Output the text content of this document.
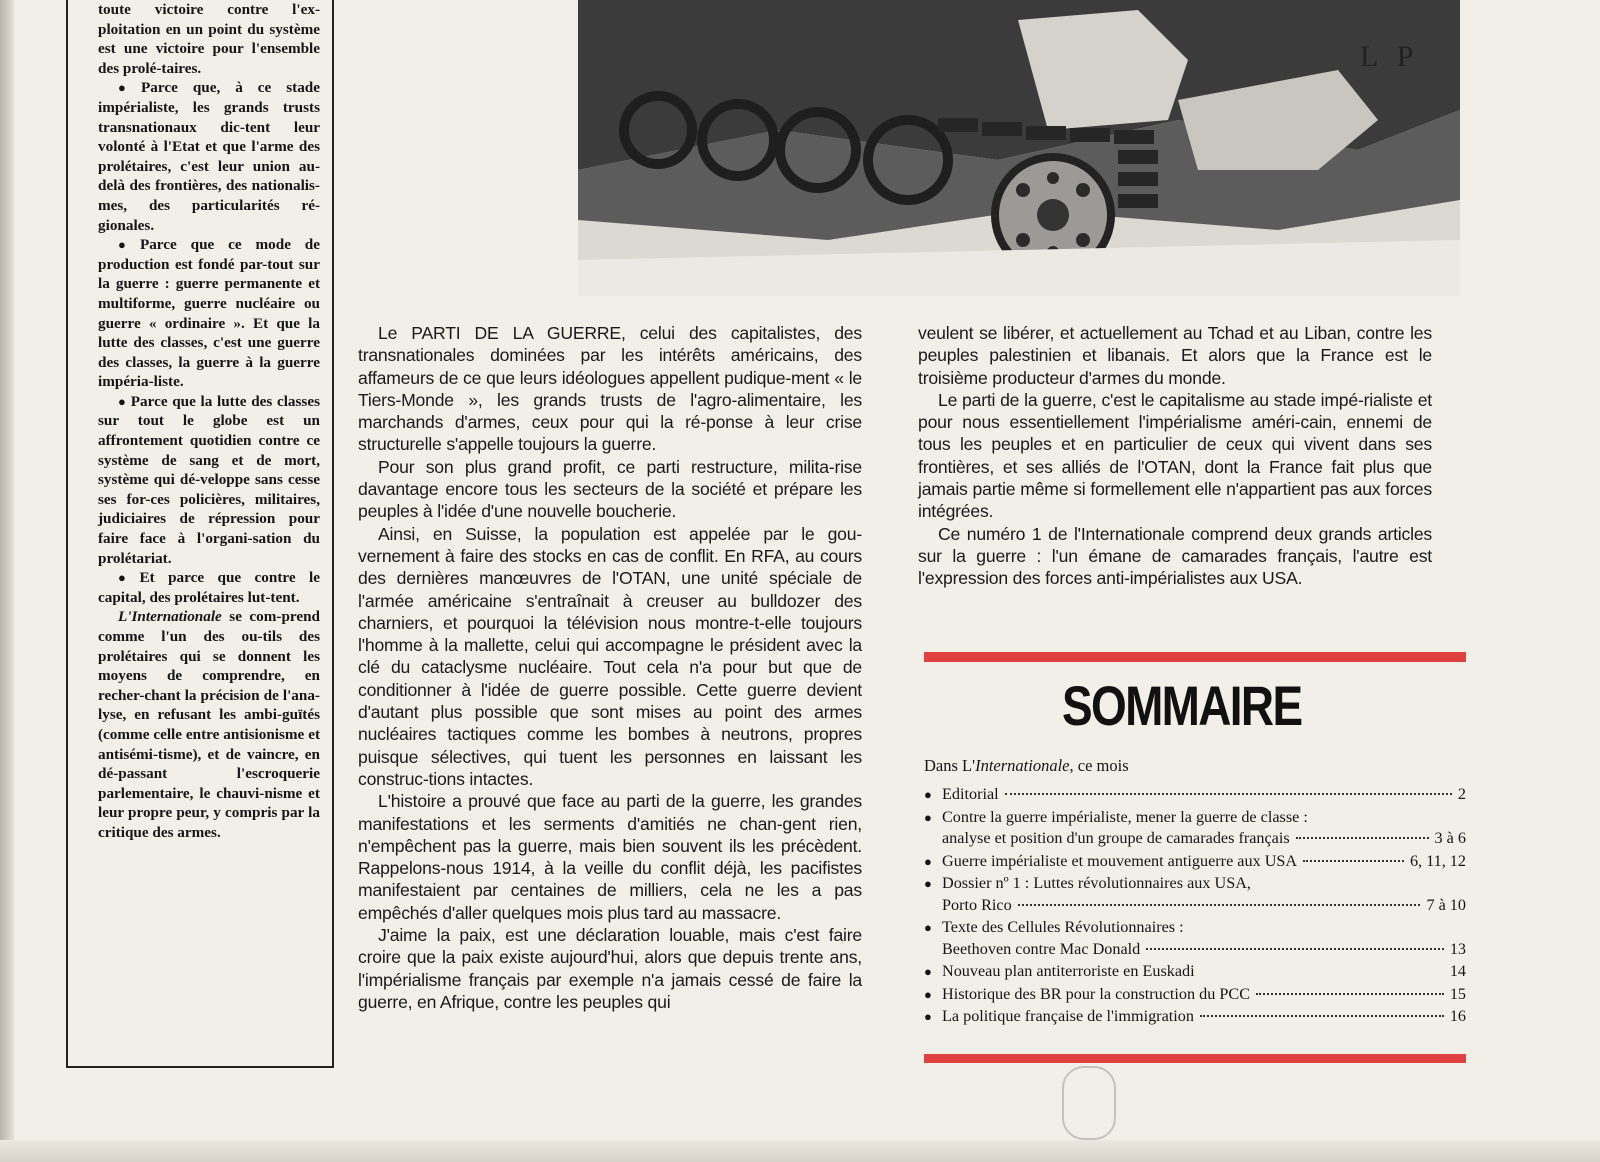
toute victoire contre l'ex-ploitation en un point du système est une victoire pour l'ensemble des prolé-taires.

● Parce que, à ce stade impérialiste, les grands trusts transnationaux dic-tent leur volonté à l'Etat et que l'arme des prolétaires, c'est leur union au-delà des frontières, des nationalis-mes, des particularités ré-gionales.

● Parce que ce mode de production est fondé par-tout sur la guerre : guerre permanente et multiforme, guerre nucléaire ou guerre « ordinaire ». Et que la lutte des classes, c'est une guerre des classes, la guerre à la guerre impéria-liste.

● Parce que la lutte des classes sur tout le globe est un affrontement quotidien contre ce système de sang et de mort, système qui dé-veloppe sans cesse ses for-ces policières, militaires, judiciaires de répression pour faire face à l'organi-sation du prolétariat.

● Et parce que contre le capital, des prolétaires lut-tent.

L'Internationale se com-prend comme l'un des ou-tils des prolétaires qui se donnent les moyens de comprendre, en recher-chant la précision de l'ana-lyse, en refusant les ambi-guïtés (comme celle entre antisionisme et antisémi-tisme), et de vaincre, en dé-passant l'escroquerie parlementaire, le chauvi-nisme et leur propre peur, y compris par la critique des armes.

L P

Le PARTI DE LA GUERRE, celui des capitalistes, des transnationales dominées par les intérêts américains, des affameurs de ce que leurs idéologues appellent pudique-ment « le Tiers-Monde », les grands trusts de l'agro-alimentaire, les marchands d'armes, ceux pour qui la ré-ponse à leur crise structurelle s'appelle toujours la guerre.

Pour son plus grand profit, ce parti restructure, milita-rise davantage encore tous les secteurs de la société et prépare les peuples à l'idée d'une nouvelle boucherie.

Ainsi, en Suisse, la population est appelée par le gou-vernement à faire des stocks en cas de conflit. En RFA, au cours des dernières manœuvres de l'OTAN, une unité spéciale de l'armée américaine s'entraînait à creuser au bulldozer des charniers, et pourquoi la télévision nous montre-t-elle toujours l'homme à la mallette, celui qui accompagne le président avec la clé du cataclysme nucléaire. Tout cela n'a pour but que de conditionner à l'idée de guerre possible. Cette guerre devient d'autant plus possible que sont mises au point des armes nucléaires tactiques comme les bombes à neutrons, propres puisque sélectives, qui tuent les personnes en laissant les construc-tions intactes.

L'histoire a prouvé que face au parti de la guerre, les grandes manifestations et les serments d'amitiés ne chan-gent rien, n'empêchent pas la guerre, mais bien souvent ils les précèdent. Rappelons-nous 1914, à la veille du conflit déjà, les pacifistes manifestaient par centaines de milliers, cela ne les a pas empêchés d'aller quelques mois plus tard au massacre.

J'aime la paix, est une déclaration louable, mais c'est faire croire que la paix existe aujourd'hui, alors que depuis trente ans, l'impérialisme français par exemple n'a jamais cessé de faire la guerre, en Afrique, contre les peuples qui

veulent se libérer, et actuellement au Tchad et au Liban, contre les peuples palestinien et libanais. Et alors que la France est le troisième producteur d'armes du monde.

Le parti de la guerre, c'est le capitalisme au stade impé-rialiste et pour nous essentiellement l'impérialisme améri-cain, ennemi de tous les peuples et en particulier de ceux qui vivent dans ses frontières, et ses alliés de l'OTAN, dont la France fait plus que jamais partie même si formellement elle n'appartient pas aux forces intégrées.

Ce numéro 1 de l'Internationale comprend deux grands articles sur la guerre : l'un émane de camarades français, l'autre est l'expression des forces anti-impérialistes aux USA.

SOMMAIRE
Dans L'Internationale, ce mois
● Editorial	2
● Contre la guerre impérialiste, mener la guerre de classe :
analyse et position d'un groupe de camarades français	3 à 6
● Guerre impérialiste et mouvement antiguerre aux USA	6, 11, 12
● Dossier nº 1 : Luttes révolutionnaires aux USA,
Porto Rico	7 à 10
● Texte des Cellules Révolutionnaires :
Beethoven contre Mac Donald	13
● Nouveau plan antiterroriste en Euskadi	14
● Historique des BR pour la construction du PCC	15
● La politique française de l'immigration	16
